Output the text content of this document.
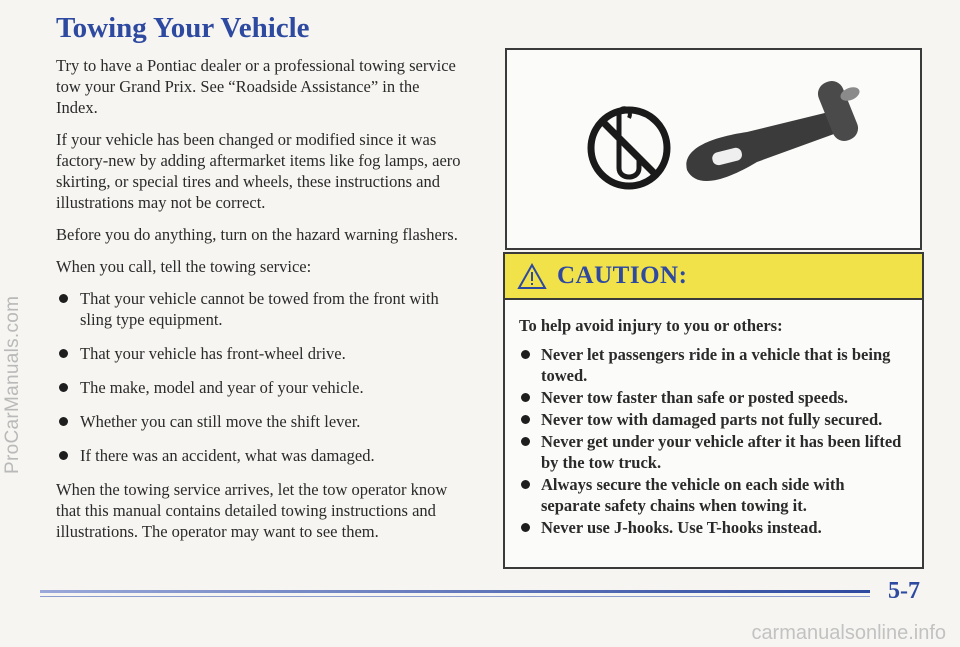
ProCarManuals.com
Towing Your Vehicle

Try to have a Pontiac dealer or a professional towing service tow your Grand Prix. See “Roadside Assistance” in the Index.

If your vehicle has been changed or modified since it was factory-new by adding aftermarket items like fog lamps, aero skirting, or special tires and wheels, these instructions and illustrations may not be correct.

Before you do anything, turn on the hazard warning flashers.

When you call, tell the towing service:

That your vehicle cannot be towed from the front with sling type equipment.
That your vehicle has front-wheel drive.
The make, model and year of your vehicle.
Whether you can still move the shift lever.
If there was an accident, what was damaged.

When the towing service arrives, let the tow operator know that this manual contains detailed towing instructions and illustrations. The operator may want to see them.

CAUTION:

To help avoid injury to you or others:

Never let passengers ride in a vehicle that is being towed.
Never tow faster than safe or posted speeds.
Never tow with damaged parts not fully secured.
Never get under your vehicle after it has been lifted by the tow truck.
Always secure the vehicle on each side with separate safety chains when towing it.
Never use J-hooks. Use T-hooks instead.
5-7
carmanualsonline.info
